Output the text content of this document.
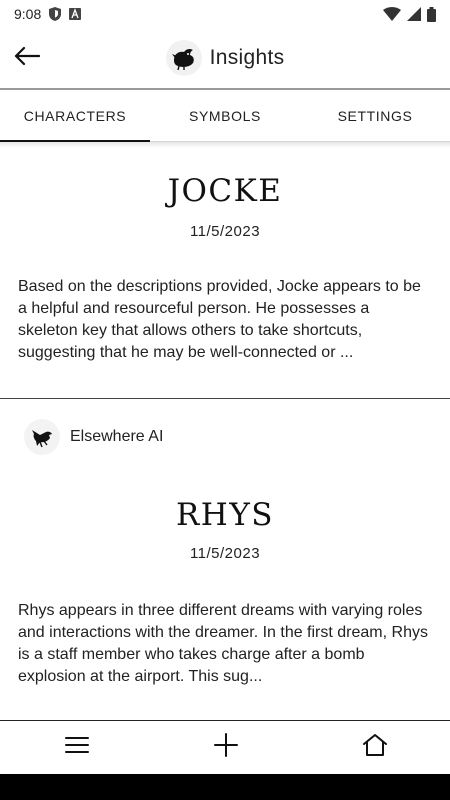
9:08
Insights
CHARACTERS	SYMBOLS	SETTINGS
JOCKE
11/5/2023
Based on the descriptions provided, Jocke appears to be a helpful and resourceful person. He possesses a skeleton key that allows others to take shortcuts, suggesting that he may be well-connected or ...
Elsewhere AI
RHYS
11/5/2023
Rhys appears in three different dreams with varying roles and interactions with the dreamer. In the first dream, Rhys is a staff member who takes charge after a bomb explosion at the airport. This sug...
